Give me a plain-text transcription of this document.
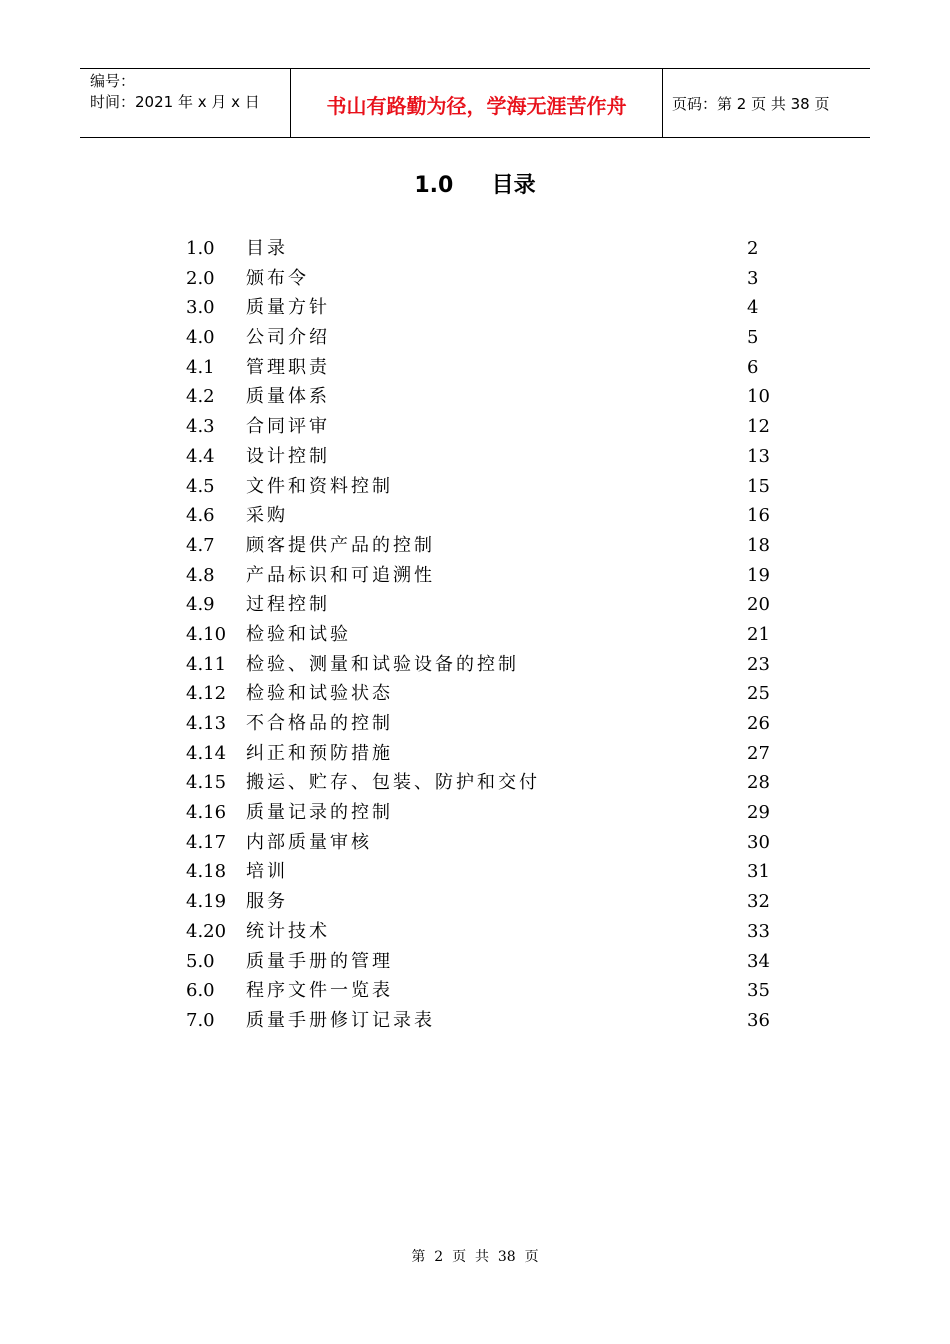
编号：
时间：2021 年 x 月 x 日	书山有路勤为径，学海无涯苦作舟	页码：第 2 页 共 38 页
1.0     目录
1.0 目录	2
2.0 颁布令	3
3.0 质量方针	4
4.0 公司介绍	5
4.1 管理职责	6
4.2 质量体系	10
4.3 合同评审	12
4.4 设计控制	13
4.5 文件和资料控制	15
4.6 采购	16
4.7 顾客提供产品的控制	18
4.8 产品标识和可追溯性	19
4.9 过程控制	20
4.10 检验和试验	21
4.11 检验、测量和试验设备的控制	23
4.12 检验和试验状态	25
4.13 不合格品的控制	26
4.14 纠正和预防措施	27
4.15 搬运、贮存、包装、防护和交付	28
4.16 质量记录的控制	29
4.17 内部质量审核	30
4.18 培训	31
4.19 服务	32
4.20 统计技术	33
5.0 质量手册的管理	34
6.0 程序文件一览表	35
7.0 质量手册修订记录表	36
第  2  页  共  38  页
